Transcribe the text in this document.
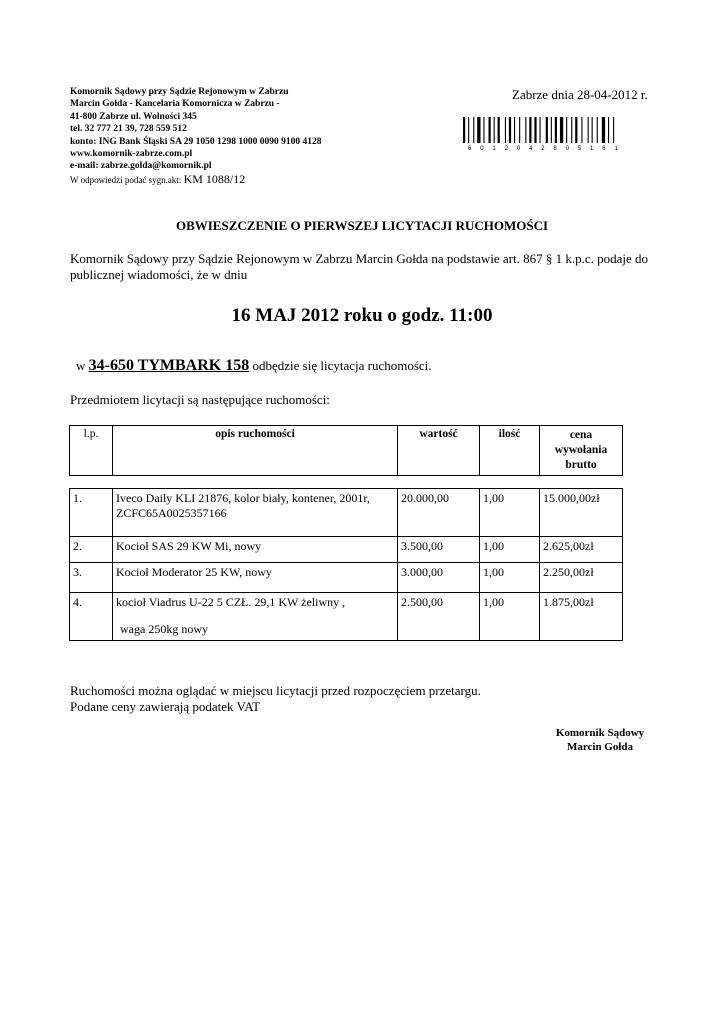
Komornik Sądowy przy Sądzie Rejonowym w Zabrzu
Marcin Gołda - Kancelaria Komornicza w Zabrzu -
41-800 Zabrze ul. Wolności 345
tel. 32 777 21 39, 728 559 512
konto: ING Bank Śląski SA 29 1050 1298 1000 0090 9100 4128
www.komornik-zabrze.com.pl
e-mail: zabrze.golda@komornik.pl
W odpowiedzi podać sygn.akt: KM 1088/12
Zabrze dnia 28-04-2012 r.
6 0 1 2 0 4 2 8 0 5 1 6 1
OBWIESZCZENIE O PIERWSZEJ LICYTACJI RUCHOMOŚCI
Komornik Sądowy przy Sądzie Rejonowym w Zabrzu Marcin Gołda na podstawie art. 867 § 1 k.p.c. podaje do publicznej wiadomości, że w dniu
16 MAJ 2012 roku o godz. 11:00
w 34-650 TYMBARK 158 odbędzie się licytacja ruchomości.
Przedmiotem licytacji są następujące ruchomości:
l.p.	opis ruchomości	wartość	ilość	cena wywołania brutto
1.	Iveco Daily KLI 21876, kolor biały, kontener, 2001r, ZCFC65A0025357166	20.000,00	1,00	15.000,00zł
2.	Kocioł SAS 29 KW Mi, nowy	3.500,00	1,00	2.625,00zł
3.	Kocioł Moderator 25 KW, nowy	3.000,00	1,00	2.250,00zł
4.	kocioł Viadrus U-22 5 CZŁ. 29,1 KW żeliwny ,
waga 250kg nowy	2.500,00	1,00	1.875,00zł
Ruchomości można oglądać w miejscu licytacji przed rozpoczęciem przetargu.
Podane ceny zawierają podatek VAT
Komornik Sądowy
Marcin Gołda
